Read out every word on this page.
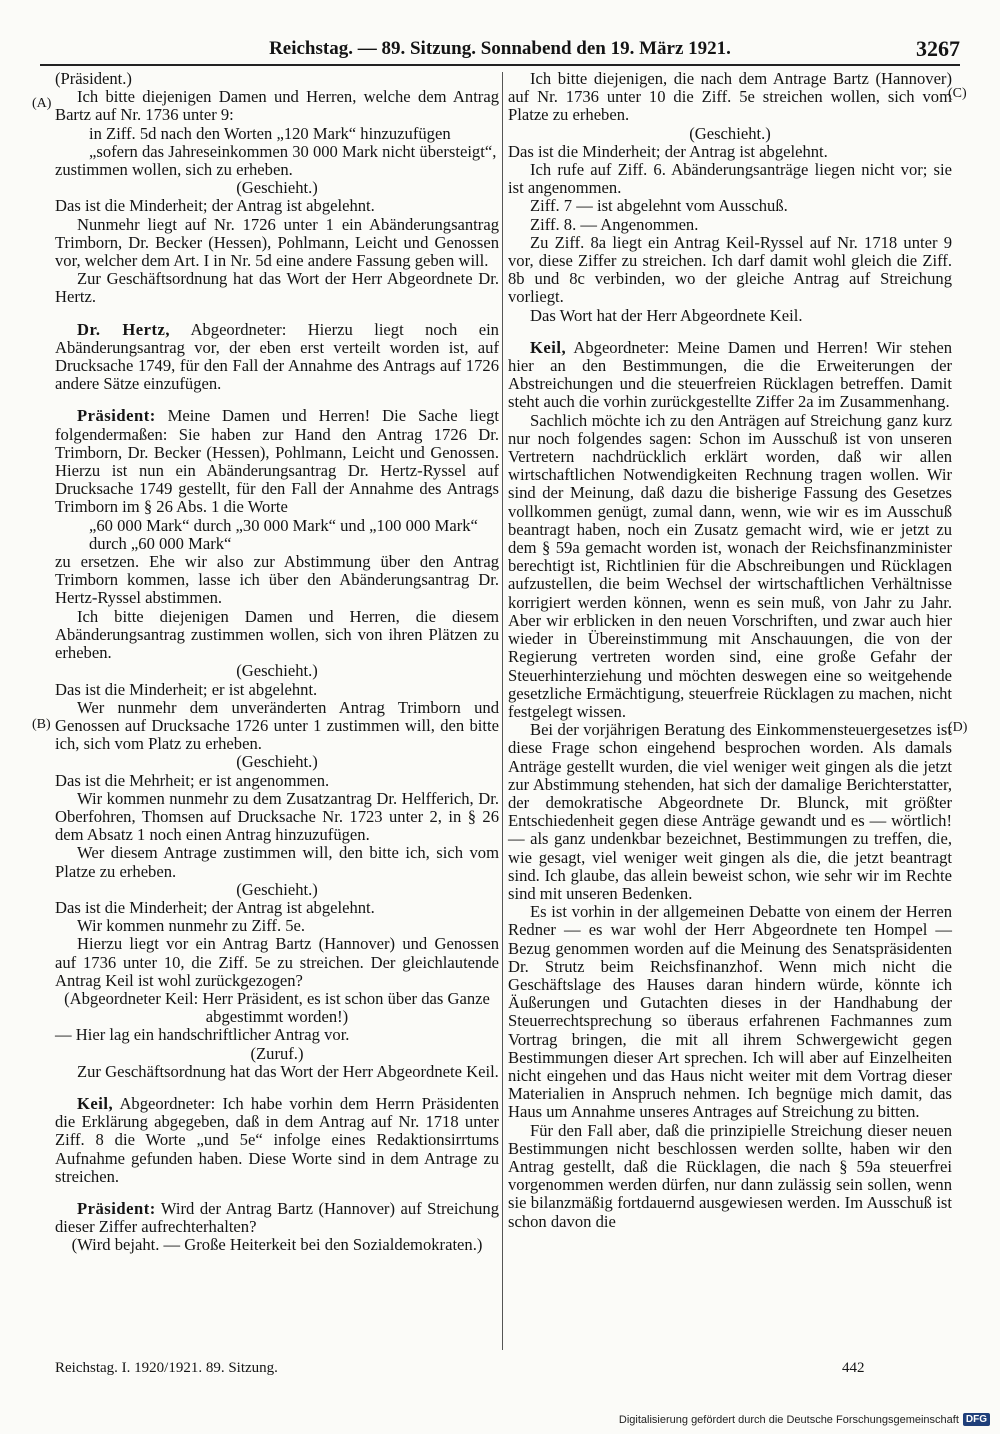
Reichstag. — 89. Sitzung. Sonnabend den 19. März 1921.	3267
(A)
(B)
(C)
(D)

(Präsident.)

Ich bitte diejenigen Damen und Herren, welche dem Antrag Bartz auf Nr. 1736 unter 9:

in Ziff. 5d nach den Worten „120 Mark“ hinzuzufügen „sofern das Jahreseinkommen 30 000 Mark nicht übersteigt“,

zustimmen wollen, sich zu erheben.

(Geschieht.)

Das ist die Minderheit; der Antrag ist abgelehnt.

Nunmehr liegt auf Nr. 1726 unter 1 ein Abänderungsantrag Trimborn, Dr. Becker (Hessen), Pohlmann, Leicht und Genossen vor, welcher dem Art. I in Nr. 5d eine andere Fassung geben will.

Zur Geschäftsordnung hat das Wort der Herr Abgeordnete Dr. Hertz.

Dr. Hertz, Abgeordneter: Hierzu liegt noch ein Abänderungsantrag vor, der eben erst verteilt worden ist, auf Drucksache 1749, für den Fall der Annahme des Antrags auf 1726 andere Sätze einzufügen.

Präsident: Meine Damen und Herren! Die Sache liegt folgendermaßen: Sie haben zur Hand den Antrag 1726 Dr. Trimborn, Dr. Becker (Hessen), Pohlmann, Leicht und Genossen. Hierzu ist nun ein Abänderungsantrag Dr. Hertz-Ryssel auf Drucksache 1749 gestellt, für den Fall der Annahme des Antrags Trimborn im § 26 Abs. 1 die Worte

„60 000 Mark“ durch „30 000 Mark“ und „100 000 Mark“ durch „60 000 Mark“

zu ersetzen. Ehe wir also zur Abstimmung über den Antrag Trimborn kommen, lasse ich über den Abänderungsantrag Dr. Hertz-Ryssel abstimmen.

Ich bitte diejenigen Damen und Herren, die diesem Abänderungsantrag zustimmen wollen, sich von ihren Plätzen zu erheben.

(Geschieht.)

Das ist die Minderheit; er ist abgelehnt.

Wer nunmehr dem unveränderten Antrag Trimborn und Genossen auf Drucksache 1726 unter 1 zustimmen will, den bitte ich, sich vom Platz zu erheben.

(Geschieht.)

Das ist die Mehrheit; er ist angenommen.

Wir kommen nunmehr zu dem Zusatzantrag Dr. Helfferich, Dr. Oberfohren, Thomsen auf Drucksache Nr. 1723 unter 2, in § 26 dem Absatz 1 noch einen Antrag hinzuzufügen.

Wer diesem Antrage zustimmen will, den bitte ich, sich vom Platze zu erheben.

(Geschieht.)

Das ist die Minderheit; der Antrag ist abgelehnt.

Wir kommen nunmehr zu Ziff. 5e.

Hierzu liegt vor ein Antrag Bartz (Hannover) und Genossen auf 1736 unter 10, die Ziff. 5e zu streichen. Der gleichlautende Antrag Keil ist wohl zurückgezogen?

(Abgeordneter Keil: Herr Präsident, es ist schon über das Ganze abgestimmt worden!)

— Hier lag ein handschriftlicher Antrag vor.

(Zuruf.)

Zur Geschäftsordnung hat das Wort der Herr Abgeordnete Keil.

Keil, Abgeordneter: Ich habe vorhin dem Herrn Präsidenten die Erklärung abgegeben, daß in dem Antrag auf Nr. 1718 unter Ziff. 8 die Worte „und 5e“ infolge eines Redaktionsirrtums Aufnahme gefunden haben. Diese Worte sind in dem Antrage zu streichen.

Präsident: Wird der Antrag Bartz (Hannover) auf Streichung dieser Ziffer aufrechterhalten?

(Wird bejaht. — Große Heiterkeit bei den Sozialdemokraten.)

Ich bitte diejenigen, die nach dem Antrage Bartz (Hannover) auf Nr. 1736 unter 10 die Ziff. 5e streichen wollen, sich vom Platze zu erheben.

(Geschieht.)

Das ist die Minderheit; der Antrag ist abgelehnt.

Ich rufe auf Ziff. 6. Abänderungsanträge liegen nicht vor; sie ist angenommen.

Ziff. 7 — ist abgelehnt vom Ausschuß.

Ziff. 8. — Angenommen.

Zu Ziff. 8a liegt ein Antrag Keil-Ryssel auf Nr. 1718 unter 9 vor, diese Ziffer zu streichen. Ich darf damit wohl gleich die Ziff. 8b und 8c verbinden, wo der gleiche Antrag auf Streichung vorliegt.

Das Wort hat der Herr Abgeordnete Keil.

Keil, Abgeordneter: Meine Damen und Herren! Wir stehen hier an den Bestimmungen, die die Erweiterungen der Abstreichungen und die steuerfreien Rücklagen betreffen. Damit steht auch die vorhin zurückgestellte Ziffer 2a im Zusammenhang.

Sachlich möchte ich zu den Anträgen auf Streichung ganz kurz nur noch folgendes sagen: Schon im Ausschuß ist von unseren Vertretern nachdrücklich erklärt worden, daß wir allen wirtschaftlichen Notwendigkeiten Rechnung tragen wollen. Wir sind der Meinung, daß dazu die bisherige Fassung des Gesetzes vollkommen genügt, zumal dann, wenn, wie wir es im Ausschuß beantragt haben, noch ein Zusatz gemacht wird, wie er jetzt zu dem § 59a gemacht worden ist, wonach der Reichsfinanzminister berechtigt ist, Richtlinien für die Abschreibungen und Rücklagen aufzustellen, die beim Wechsel der wirtschaftlichen Verhältnisse korrigiert werden können, wenn es sein muß, von Jahr zu Jahr. Aber wir erblicken in den neuen Vorschriften, und zwar auch hier wieder in Übereinstimmung mit Anschauungen, die von der Regierung vertreten worden sind, eine große Gefahr der Steuerhinterziehung und möchten deswegen eine so weitgehende gesetzliche Ermächtigung, steuerfreie Rücklagen zu machen, nicht festgelegt wissen.

Bei der vorjährigen Beratung des Einkommensteuergesetzes ist diese Frage schon eingehend besprochen worden. Als damals Anträge gestellt wurden, die viel weniger weit gingen als die jetzt zur Abstimmung stehenden, hat sich der damalige Berichterstatter, der demokratische Abgeordnete Dr. Blunck, mit größter Entschiedenheit gegen diese Anträge gewandt und es — wörtlich! — als ganz undenkbar bezeichnet, Bestimmungen zu treffen, die, wie gesagt, viel weniger weit gingen als die, die jetzt beantragt sind. Ich glaube, das allein beweist schon, wie sehr wir im Rechte sind mit unseren Bedenken.

Es ist vorhin in der allgemeinen Debatte von einem der Herren Redner — es war wohl der Herr Abgeordnete ten Hompel — Bezug genommen worden auf die Meinung des Senatspräsidenten Dr. Strutz beim Reichsfinanzhof. Wenn mich nicht die Geschäftslage des Hauses daran hindern würde, könnte ich Äußerungen und Gutachten dieses in der Handhabung der Steuerrechtsprechung so überaus erfahrenen Fachmannes zum Vortrag bringen, die mit all ihrem Schwergewicht gegen Bestimmungen dieser Art sprechen. Ich will aber auf Einzelheiten nicht eingehen und das Haus nicht weiter mit dem Vortrag dieser Materialien in Anspruch nehmen. Ich begnüge mich damit, das Haus um Annahme unseres Antrages auf Streichung zu bitten.

Für den Fall aber, daß die prinzipielle Streichung dieser neuen Bestimmungen nicht beschlossen werden sollte, haben wir den Antrag gestellt, daß die Rücklagen, die nach § 59a steuerfrei vorgenommen werden dürfen, nur dann zulässig sein sollen, wenn sie bilanzmäßig fortdauernd ausgewiesen werden. Im Ausschuß ist schon davon die

Reichstag. I. 1920/1921. 89. Sitzung.	442
Digitalisierung gefördert durch die Deutsche Forschungsgemeinschaft DFG
